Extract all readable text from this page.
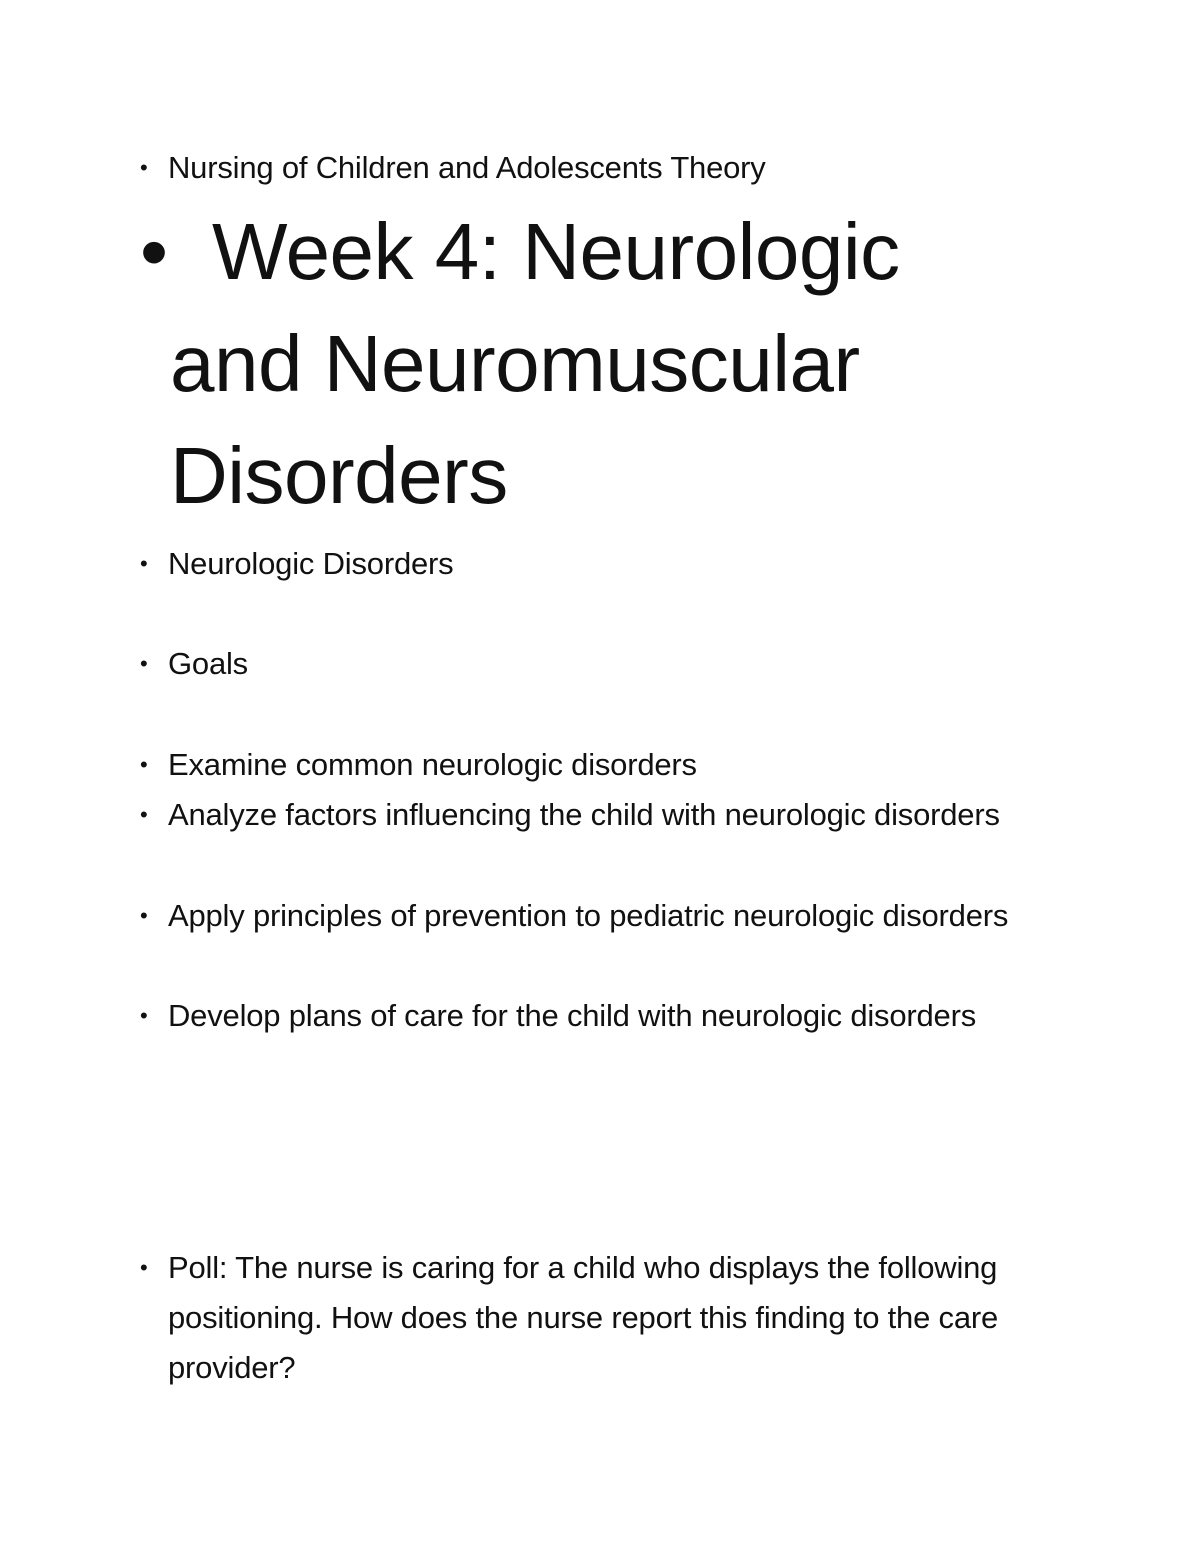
• Nursing of Children and Adolescents Theory
• Week 4: Neurologic and Neuromuscular Disorders
• Neurologic Disorders
• Goals
• Examine common neurologic disorders
• Analyze factors influencing the child with neurologic disorders
• Apply principles of prevention to pediatric neurologic disorders
• Develop plans of care for the child with neurologic disorders
• Poll: The nurse is caring for a child who displays the following positioning. How does the nurse report this finding to the care provider?
